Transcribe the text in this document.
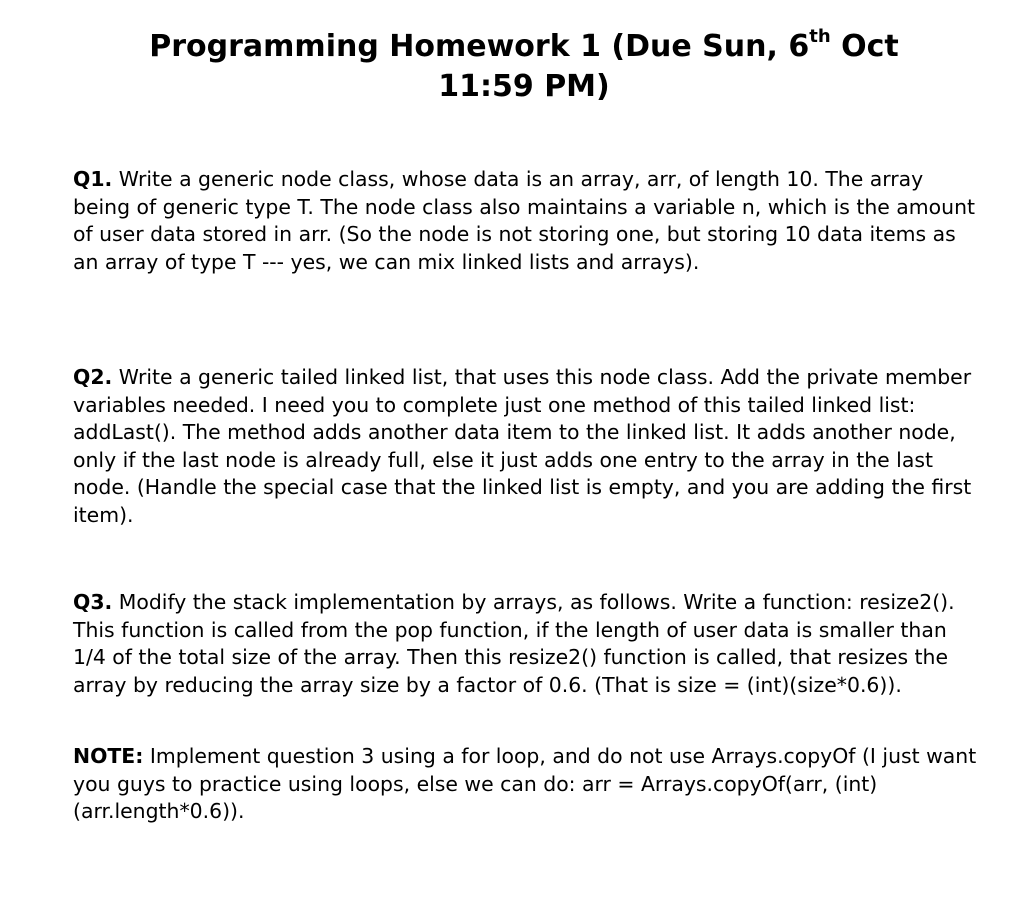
Programming Homework 1 (Due Sun, 6th Oct
11:59 PM)

Q1. Write a generic node class, whose data is an array, arr, of length 10. The array being of generic type T. The node class also maintains a variable n, which is the amount of user data stored in arr. (So the node is not storing one, but storing 10 data items as an array of type T --- yes, we can mix linked lists and arrays).

Q2. Write a generic tailed linked list, that uses this node class. Add the private member variables needed. I need you to complete just one method of this tailed linked list: addLast(). The method adds another data item to the linked list. It adds another node, only if the last node is already full, else it just adds one entry to the array in the last node. (Handle the special case that the linked list is empty, and you are adding the first item).

Q3. Modify the stack implementation by arrays, as follows. Write a function: resize2(). This function is called from the pop function, if the length of user data is smaller than 1/4 of the total size of the array. Then this resize2() function is called, that resizes the array by reducing the array size by a factor of 0.6. (That is size = (int)(size*0.6)).

NOTE: Implement question 3 using a for loop, and do not use Arrays.copyOf (I just want you guys to practice using loops, else we can do: arr = Arrays.copyOf(arr, (int)(arr.length*0.6)).
